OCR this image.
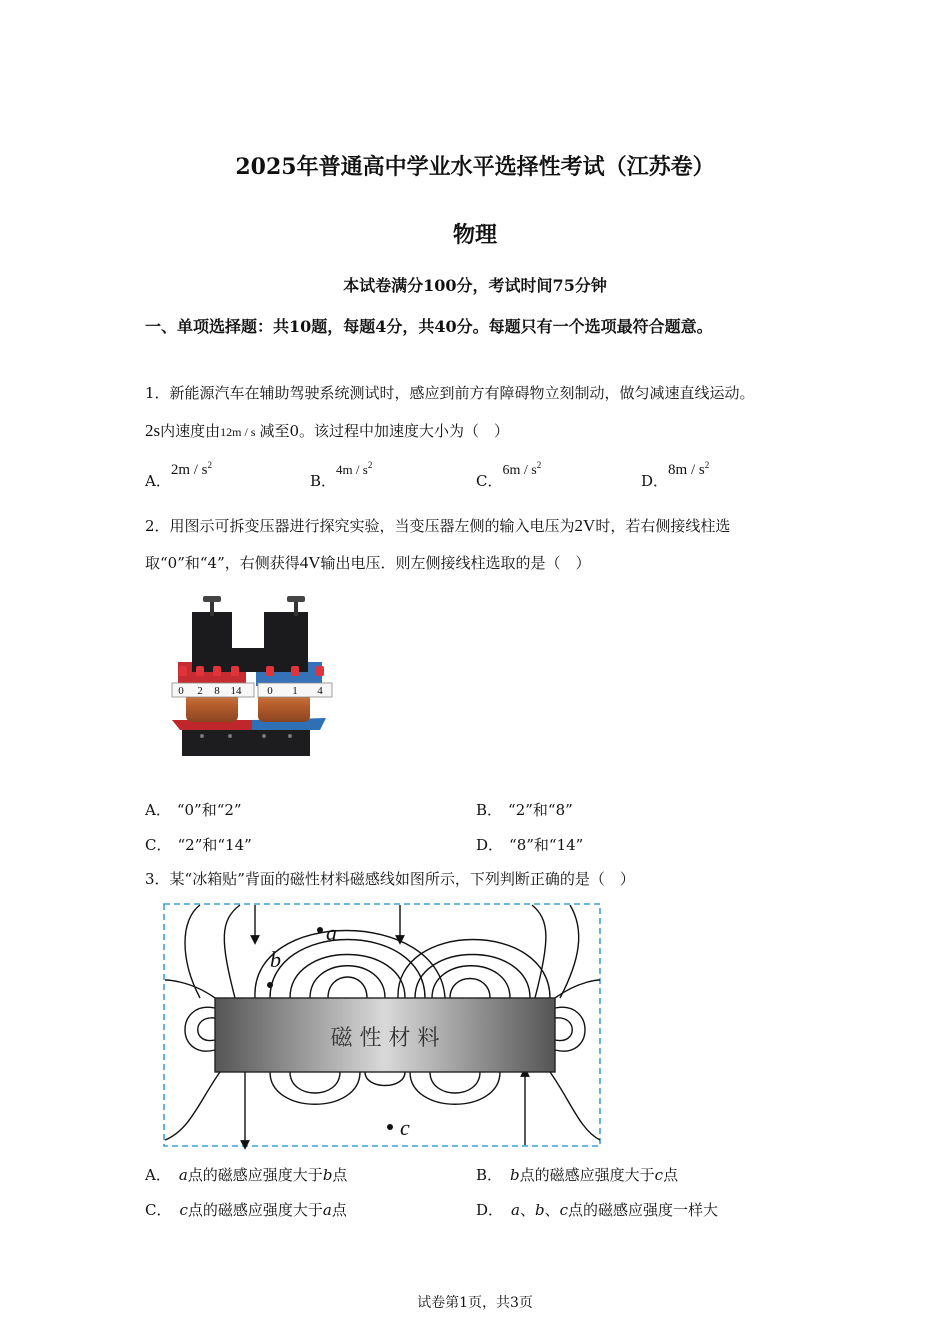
2025年普通高中学业水平选择性考试（江苏卷）
物理
本试卷满分100分，考试时间75分钟
一、单项选择题：共10题，每题4分，共40分。每题只有一个选项最符合题意。
1．新能源汽车在辅助驾驶系统测试时，感应到前方有障碍物立刻制动，做匀减速直线运动。
2s内速度由12m / s 减至0。该过程中加速度大小为（　）
A．$2m / s^2$
B．$4m / s^2$
C．$6m / s^2$
D．$8m / s^2$
2．用图示可拆变压器进行探究实验，当变压器左侧的输入电压为2V时，若右侧接线柱选
取“0”和“4”，右侧获得4V输出电压．则左侧接线柱选取的是（　）
0 2 8 14 0 1 4
A． “0”和“2”	B． “2”和“8”
C． “2”和“14”	D． “8”和“14”
3．某“冰箱贴”背面的磁性材料磁感线如图所示，下列判断正确的是（　）
磁 性 材 料
a
b
c
A． a点的磁感应强度大于b点	B． b点的磁感应强度大于c点
C． c点的磁感应强度大于a点	D． a、b、c点的磁感应强度一样大
试卷第1页，共3页
